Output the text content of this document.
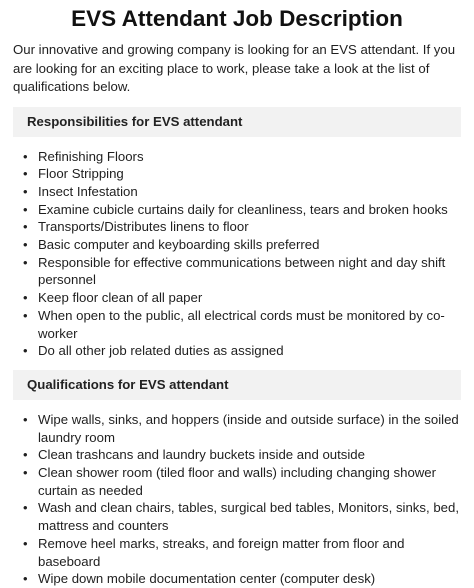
EVS Attendant Job Description

Our innovative and growing company is looking for an EVS attendant. If you are looking for an exciting place to work, please take a look at the list of qualifications below.

Responsibilities for EVS attendant
• Refinishing Floors
• Floor Stripping
• Insect Infestation
• Examine cubicle curtains daily for cleanliness, tears and broken hooks
• Transports/Distributes linens to floor
• Basic computer and keyboarding skills preferred
• Responsible for effective communications between night and day shift personnel
• Keep floor clean of all paper
• When open to the public, all electrical cords must be monitored by co-worker
• Do all other job related duties as assigned
Qualifications for EVS attendant
• Wipe walls, sinks, and hoppers (inside and outside surface) in the soiled laundry room
• Clean trashcans and laundry buckets inside and outside
• Clean shower room (tiled floor and walls) including changing shower curtain as needed
• Wash and clean chairs, tables, surgical bed tables, Monitors, sinks, bed, mattress and counters
• Remove heel marks, streaks, and foreign matter from floor and baseboard
• Wipe down mobile documentation center (computer desk)
